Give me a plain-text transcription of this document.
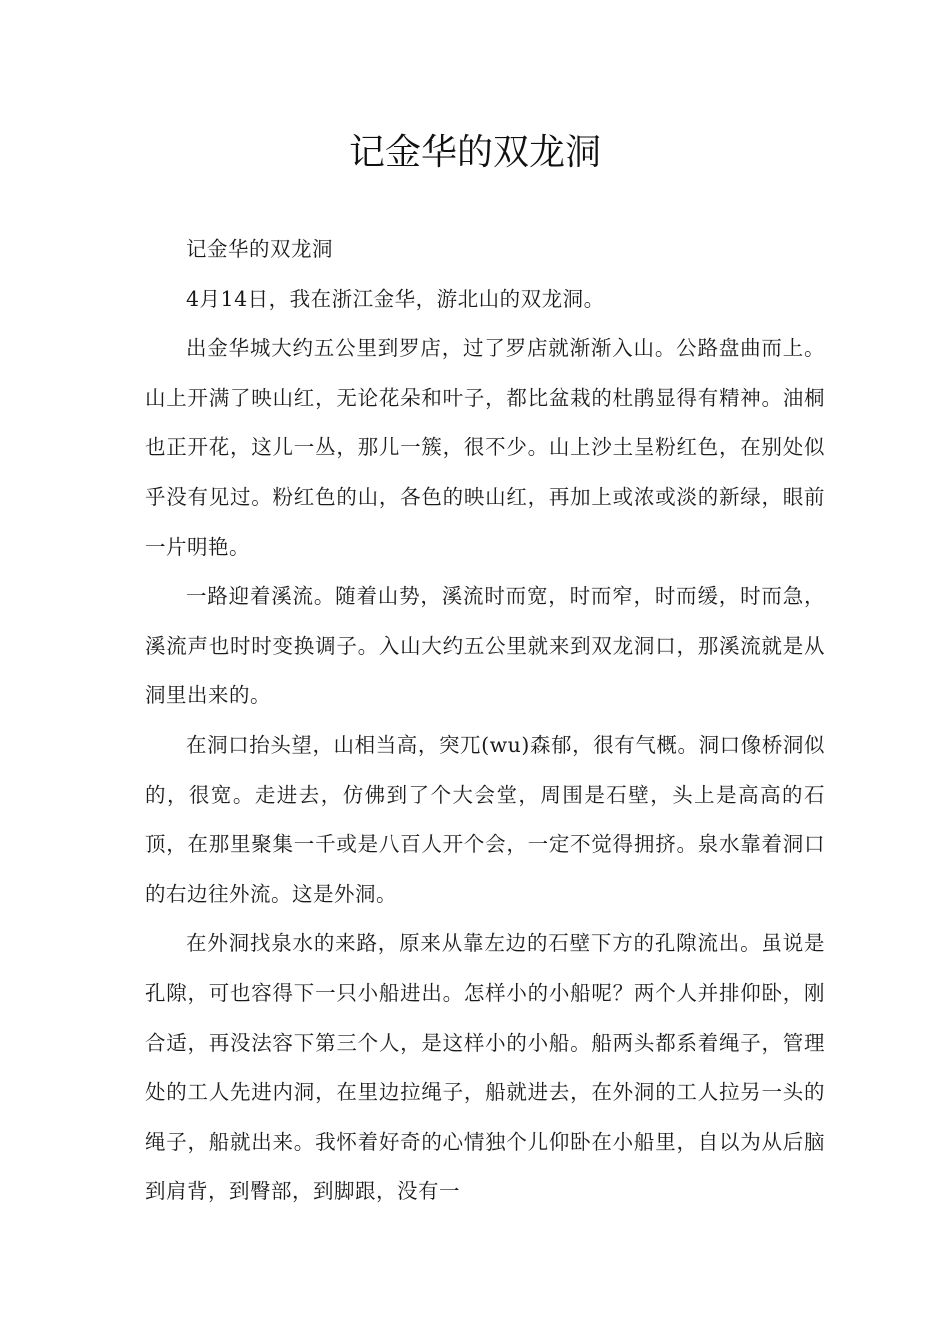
记金华的双龙洞

记金华的双龙洞

4月14日，我在浙江金华，游北山的双龙洞。

出金华城大约五公里到罗店，过了罗店就渐渐入山。公路盘曲而上。山上开满了映山红，无论花朵和叶子，都比盆栽的杜鹃显得有精神。油桐也正开花，这儿一丛，那儿一簇，很不少。山上沙土呈粉红色，在别处似乎没有见过。粉红色的山，各色的映山红，再加上或浓或淡的新绿，眼前一片明艳。

一路迎着溪流。随着山势，溪流时而宽，时而窄，时而缓，时而急，溪流声也时时变换调子。入山大约五公里就来到双龙洞口，那溪流就是从洞里出来的。

在洞口抬头望，山相当高，突兀(wu)森郁，很有气概。洞口像桥洞似的，很宽。走进去，仿佛到了个大会堂，周围是石壁，头上是高高的石顶，在那里聚集一千或是八百人开个会，一定不觉得拥挤。泉水靠着洞口的右边往外流。这是外洞。

在外洞找泉水的来路，原来从靠左边的石壁下方的孔隙流出。虽说是孔隙，可也容得下一只小船进出。怎样小的小船呢？两个人并排仰卧，刚合适，再没法容下第三个人，是这样小的小船。船两头都系着绳子，管理处的工人先进内洞，在里边拉绳子，船就进去，在外洞的工人拉另一头的绳子，船就出来。我怀着好奇的心情独个儿仰卧在小船里，自以为从后脑到肩背，到臀部，到脚跟，没有一
